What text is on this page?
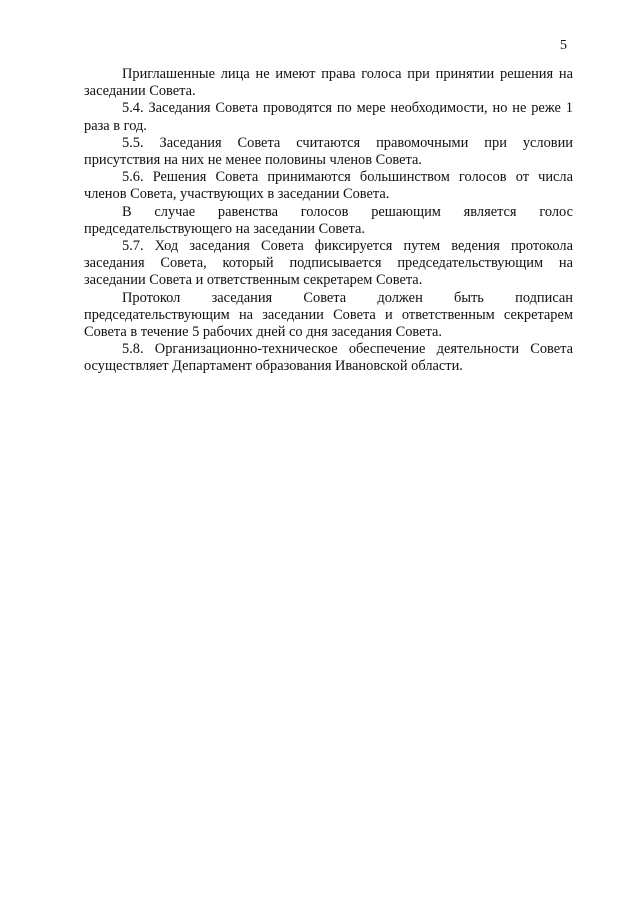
5

Приглашенные лица не имеют права голоса при принятии решения на заседании Совета.

5.4. Заседания Совета проводятся по мере необходимости, но не реже 1 раза в год.

5.5. Заседания Совета считаются правомочными при условии присутствия на них не менее половины членов Совета.

5.6. Решения Совета принимаются большинством голосов от числа членов Совета, участвующих в заседании Совета.

В случае равенства голосов решающим является голос председательствующего на заседании Совета.

5.7. Ход заседания Совета фиксируется путем ведения протокола заседания Совета, который подписывается председательствующим на заседании Совета и ответственным секретарем Совета.

Протокол заседания Совета должен быть подписан председательствующим на заседании Совета и ответственным секретарем Совета в течение 5 рабочих дней со дня заседания Совета.

5.8. Организационно-техническое обеспечение деятельности Совета осуществляет Департамент образования Ивановской области.
